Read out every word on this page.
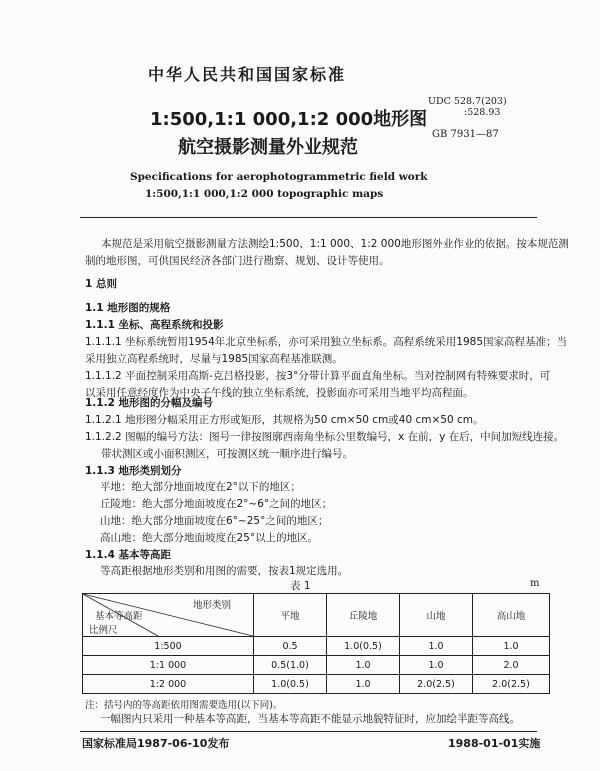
中华人民共和国国家标准
1:500,1:1 000,1:2 000地形图
航空摄影测量外业规范
UDC 528.7(203)
:528.93
GB 7931—87
Specifications for aerophotogrammetric field work
1:500,1:1 000,1:2 000 topographic maps
本规范是采用航空摄影测量方法测绘1:500、1:1 000、1:2 000地形图外业作业的依据。按本规范测
制的地形图，可供国民经济各部门进行勘察、规划、设计等使用。
1 总则
1.1 地形图的规格
1.1.1 坐标、高程系统和投影
1.1.1.1 坐标系统暂用1954年北京坐标系，亦可采用独立坐标系。高程系统采用1985国家高程基准；当
采用独立高程系统时，尽量与1985国家高程基准联测。
1.1.1.2 平面控制采用高斯-克吕格投影，按3°分带计算平面直角坐标。当对控制网有特殊要求时，可
以采用任意经度作为中央子午线的独立坐标系统，投影面亦可采用当地平均高程面。
1.1.2 地形图的分幅及编号
1.1.2.1 地形图分幅采用正方形或矩形，其规格为50 cm×50 cm或40 cm×50 cm。
1.1.2.2 图幅的编号方法：图号一律按图廓西南角坐标公里数编号，x 在前，y 在后，中间加短线连接。
带状测区或小面积测区，可按测区统一顺序进行编号。
1.1.3 地形类别划分
平地：绝大部分地面坡度在2°以下的地区；
丘陵地：绝大部分地面坡度在2°~6°之间的地区；
山地：绝大部分地面坡度在6°~25°之间的地区；
高山地：绝大部分地面坡度在25°以上的地区。
1.1.4 基本等高距
等高距根据地形类别和用图的需要，按表1规定选用。
表 1	m
地形类别
基本等高距
比例尺	平地	丘陵地	山地	高山地
1:500	0.5	1.0(0.5)	1.0	1.0
1:1 000	0.5(1.0)	1.0	1.0	2.0
1:2 000	1.0(0.5)	1.0	2.0(2.5)	2.0(2.5)
注：括号内的等高距依用图需要选用(以下同)。
一幅图内只采用一种基本等高距，当基本等高距不能显示地貌特征时，应加绘半距等高线。
国家标准局1987-06-10发布	1988-01-01实施
